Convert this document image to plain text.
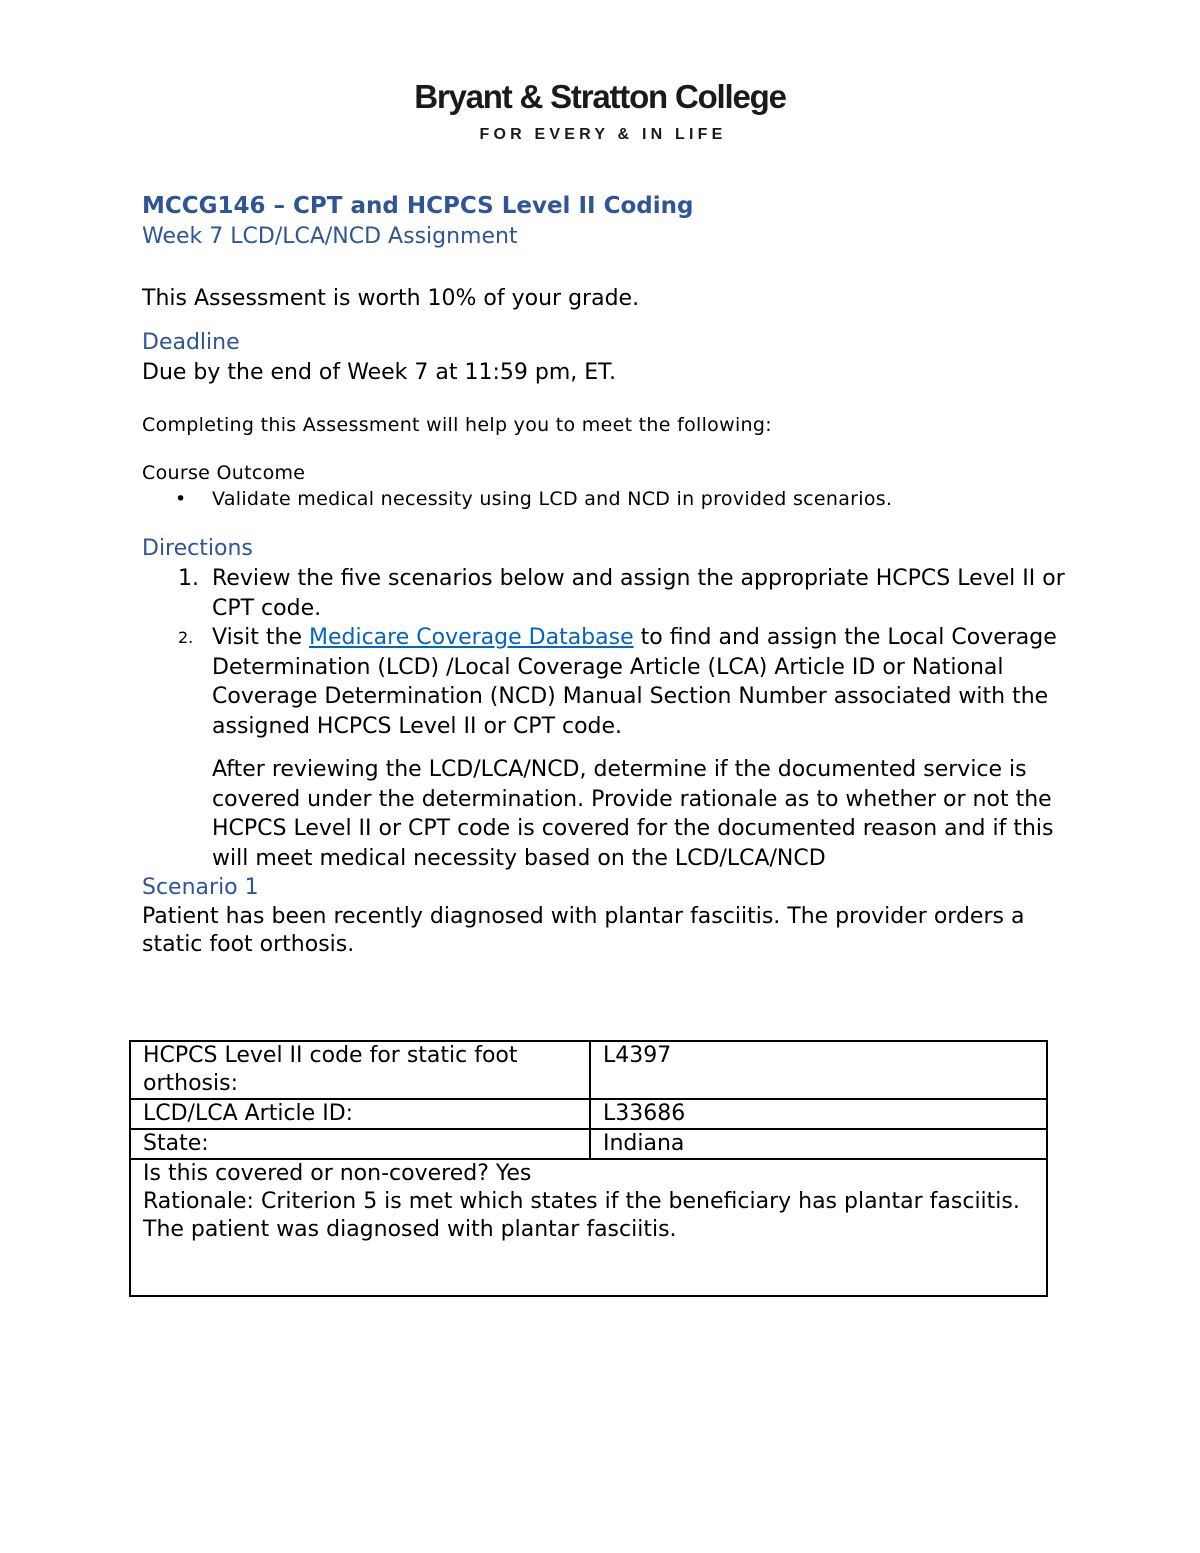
Bryant & Stratton College
FOR EVERY & IN LIFE

MCCG146 – CPT and HCPCS Level II Coding

Week 7 LCD/LCA/NCD Assignment

This Assessment is worth 10% of your grade.

Deadline

Due by the end of Week 7 at 11:59 pm, ET.

Completing this Assessment will help you to meet the following:

Course Outcome

• Validate medical necessity using LCD and NCD in provided scenarios.

Directions

1. Review the five scenarios below and assign the appropriate HCPCS Level II or CPT code.
2. Visit the Medicare Coverage Database to find and assign the Local Coverage Determination (LCD) /Local Coverage Article (LCA) Article ID or National Coverage Determination (NCD) Manual Section Number associated with the assigned HCPCS Level II or CPT code.

After reviewing the LCD/LCA/NCD, determine if the documented service is covered under the determination. Provide rationale as to whether or not the HCPCS Level II or CPT code is covered for the documented reason and if this will meet medical necessity based on the LCD/LCA/NCD

Scenario 1

Patient has been recently diagnosed with plantar fasciitis. The provider orders a static foot orthosis.

HCPCS Level II code for static foot orthosis:	L4397
LCD/LCA Article ID:	L33686
State:	Indiana

Is this covered or non-covered? Yes
Rationale: Criterion 5 is met which states if the beneficiary has plantar fasciitis. The patient was diagnosed with plantar fasciitis.	
